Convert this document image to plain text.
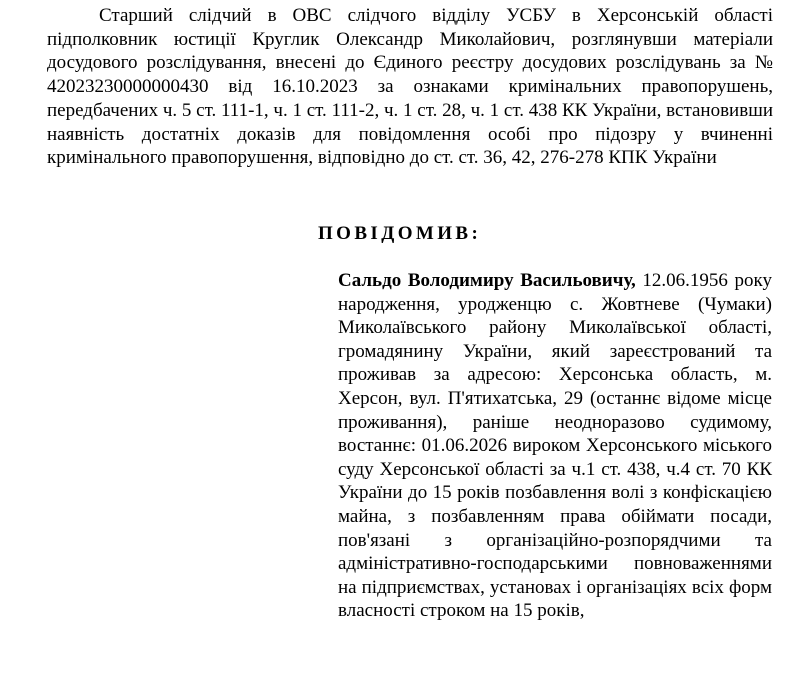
Старший слідчий в ОВС слідчого відділу УСБУ в Херсонській області підполковник юстиції Круглик Олександр Миколайович, розглянувши матеріали досудового розслідування, внесені до Єдиного реєстру досудових розслідувань за № 42023230000000430 від 16.10.2023 за ознаками кримінальних правопорушень, передбачених ч. 5 ст. 111-1, ч. 1 ст. 111-2, ч. 1 ст. 28, ч. 1 ст. 438 КК України, встановивши наявність достатніх доказів для повідомлення особі про підозру у вчиненні кримінального правопорушення, відповідно до ст. ст. 36, 42, 276-278 КПК України

ПОВІДОМИВ:

Сальдо Володимиру Васильовичу, 12.06.1956 року народження, уродженцю с. Жовтневе (Чумаки) Миколаївського району Миколаївської області, громадянину України, який зареєстрований та проживав за адресою: Херсонська область, м. Херсон, вул. П'ятихатська, 29 (останнє відоме місце проживання), раніше неодноразово судимому, востаннє: 01.06.2026 вироком Херсонського міського суду Херсонської області за ч.1 ст. 438, ч.4 ст. 70 КК України до 15 років позбавлення волі з конфіскацією майна, з позбавленням права обіймати посади, пов'язані з організаційно-розпорядчими та адміністративно-господарськими повноваженнями на підприємствах, установах і організаціях всіх форм власності строком на 15 років,
